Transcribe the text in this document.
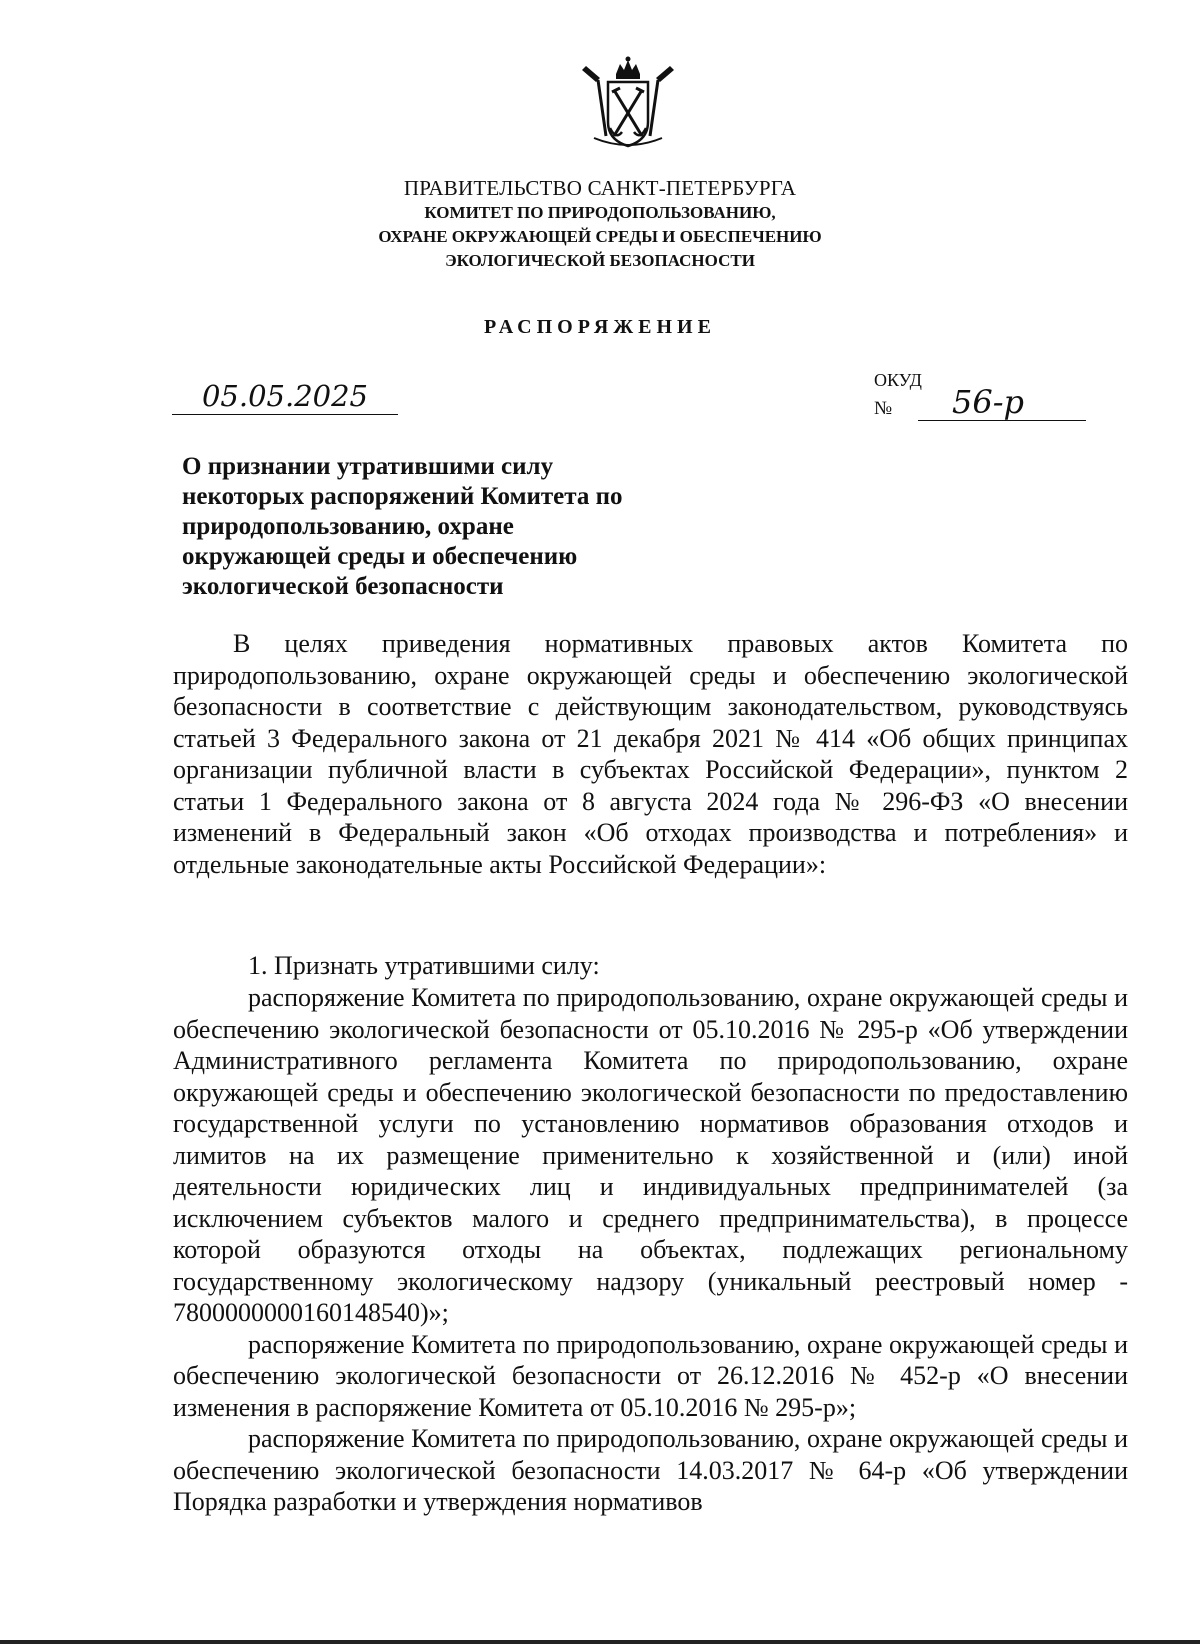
ПРАВИТЕЛЬСТВО САНКТ-ПЕТЕРБУРГА
КОМИТЕТ ПО ПРИРОДОПОЛЬЗОВАНИЮ,
ОХРАНЕ ОКРУЖАЮЩЕЙ СРЕДЫ И ОБЕСПЕЧЕНИЮ
ЭКОЛОГИЧЕСКОЙ БЕЗОПАСНОСТИ
РАСПОРЯЖЕНИЕ
05.05.2025	ОКУД
№	56-р
О признании утратившими силу некоторых распоряжений Комитета по природопользованию, охране окружающей среды и обеспечению экологической безопасности
В целях приведения нормативных правовых актов Комитета по природопользованию, охране окружающей среды и обеспечению экологической безопасности в соответствие с действующим законодательством, руководствуясь статьей 3 Федерального закона от 21 декабря 2021 № 414 «Об общих принципах организации публичной власти в субъектах Российской Федерации», пунктом 2 статьи 1 Федерального закона от 8 августа 2024 года № 296-ФЗ «О внесении изменений в Федеральный закон «Об отходах производства и потребления» и отдельные законодательные акты Российской Федерации»:
1. Признать утратившими силу:

распоряжение Комитета по природопользованию, охране окружающей среды и обеспечению экологической безопасности от 05.10.2016 № 295-р «Об утверждении Административного регламента Комитета по природопользованию, охране окружающей среды и обеспечению экологической безопасности по предоставлению государственной услуги по установлению нормативов образования отходов и лимитов на их размещение применительно к хозяйственной и (или) иной деятельности юридических лиц и индивидуальных предпринимателей (за исключением субъектов малого и среднего предпринимательства), в процессе которой образуются отходы на объектах, подлежащих региональному государственному экологическому надзору (уникальный реестровый номер - 7800000000160148540)»;

распоряжение Комитета по природопользованию, охране окружающей среды и обеспечению экологической безопасности от 26.12.2016 № 452-р «О внесении изменения в распоряжение Комитета от 05.10.2016 № 295-р»;

распоряжение Комитета по природопользованию, охране окружающей среды и обеспечению экологической безопасности 14.03.2017 № 64-р «Об утверждении Порядка разработки и утверждения нормативов
